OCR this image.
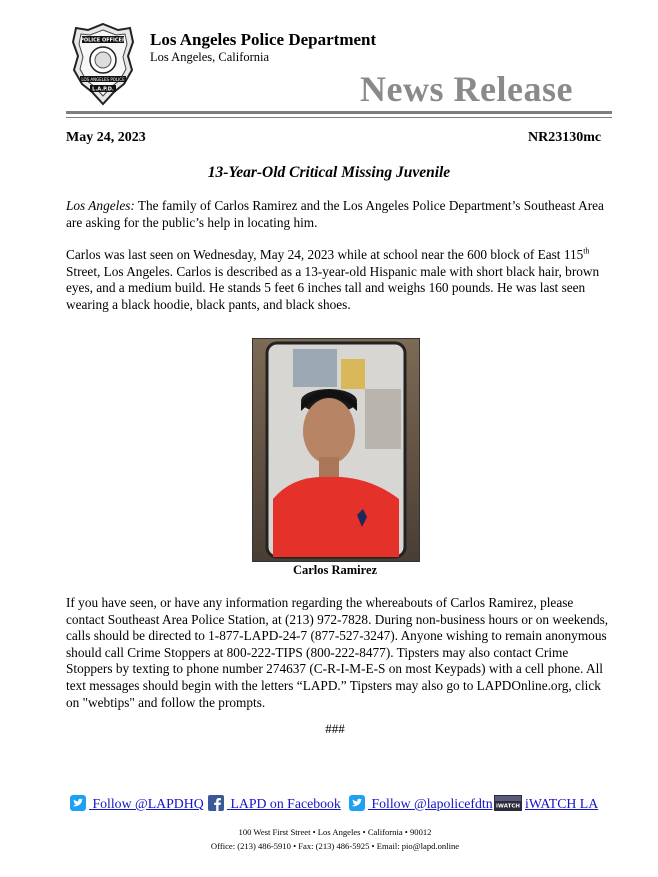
POLICE OFFICER
LOS ANGELES POLICE
L.A.P.D.
Los Angeles Police Department
Los Angeles, California
News Release
May 24, 2023	NR23130mc
13-Year-Old Critical Missing Juvenile
Los Angeles: The family of Carlos Ramirez and the Los Angeles Police Department’s Southeast Area are asking for the public’s help in locating him.
Carlos was last seen on Wednesday, May 24, 2023 while at school near the 600 block of East 115th Street, Los Angeles. Carlos is described as a 13-year-old Hispanic male with short black hair, brown eyes, and a medium build. He stands 5 feet 6 inches tall and weighs 160 pounds. He was last seen wearing a black hoodie, black pants, and black shoes.
Carlos Ramirez
If you have seen, or have any information regarding the whereabouts of Carlos Ramirez, please contact Southeast Area Police Station, at (213) 972-7828. During non-business hours or on weekends, calls should be directed to 1-877-LAPD-24-7 (877-527-3247). Anyone wishing to remain anonymous should call Crime Stoppers at 800-222-TIPS (800-222-8477). Tipsters may also contact Crime Stoppers by texting to phone number 274637 (C-R-I-M-E-S on most Keypads) with a cell phone. All text messages should begin with the letters “LAPD.” Tipsters may also go to LAPDOnline.org, click on "webtips" and follow the prompts.
###
Follow @LAPDHQ	LAPD on Facebook	Follow @lapolicefdtn iWATCH iWATCH LA
100 West First Street • Los Angeles • California • 90012
Office: (213) 486-5910 • Fax: (213) 486-5925 • Email: pio@lapd.online
